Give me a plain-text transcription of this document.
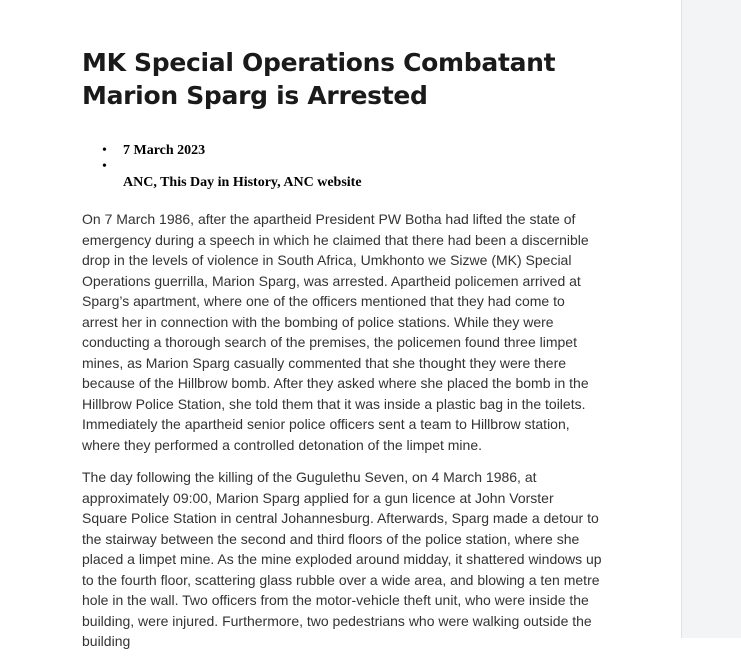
MK Special Operations Combatant Marion Sparg is Arrested
• 7 March 2023
•
ANC, This Day in History, ANC website

On 7 March 1986, after the apartheid President PW Botha had lifted the state of emergency during a speech in which he claimed that there had been a discernible drop in the levels of violence in South Africa, Umkhonto we Sizwe (MK) Special Operations guerrilla, Marion Sparg, was arrested. Apartheid policemen arrived at Sparg’s apartment, where one of the officers mentioned that they had come to arrest her in connection with the bombing of police stations. While they were conducting a thorough search of the premises, the policemen found three limpet mines, as Marion Sparg casually commented that she thought they were there because of the Hillbrow bomb. After they asked where she placed the bomb in the Hillbrow Police Station, she told them that it was inside a plastic bag in the toilets. Immediately the apartheid senior police officers sent a team to Hillbrow station, where they performed a controlled detonation of the limpet mine.

The day following the killing of the Gugulethu Seven, on 4 March 1986, at approximately 09:00, Marion Sparg applied for a gun licence at John Vorster Square Police Station in central Johannesburg. Afterwards, Sparg made a detour to the stairway between the second and third floors of the police station, where she placed a limpet mine. As the mine exploded around midday, it shattered windows up to the fourth floor, scattering glass rubble over a wide area, and blowing a ten metre hole in the wall. Two officers from the motor-vehicle theft unit, who were inside the building, were injured. Furthermore, two pedestrians who were walking outside the building
